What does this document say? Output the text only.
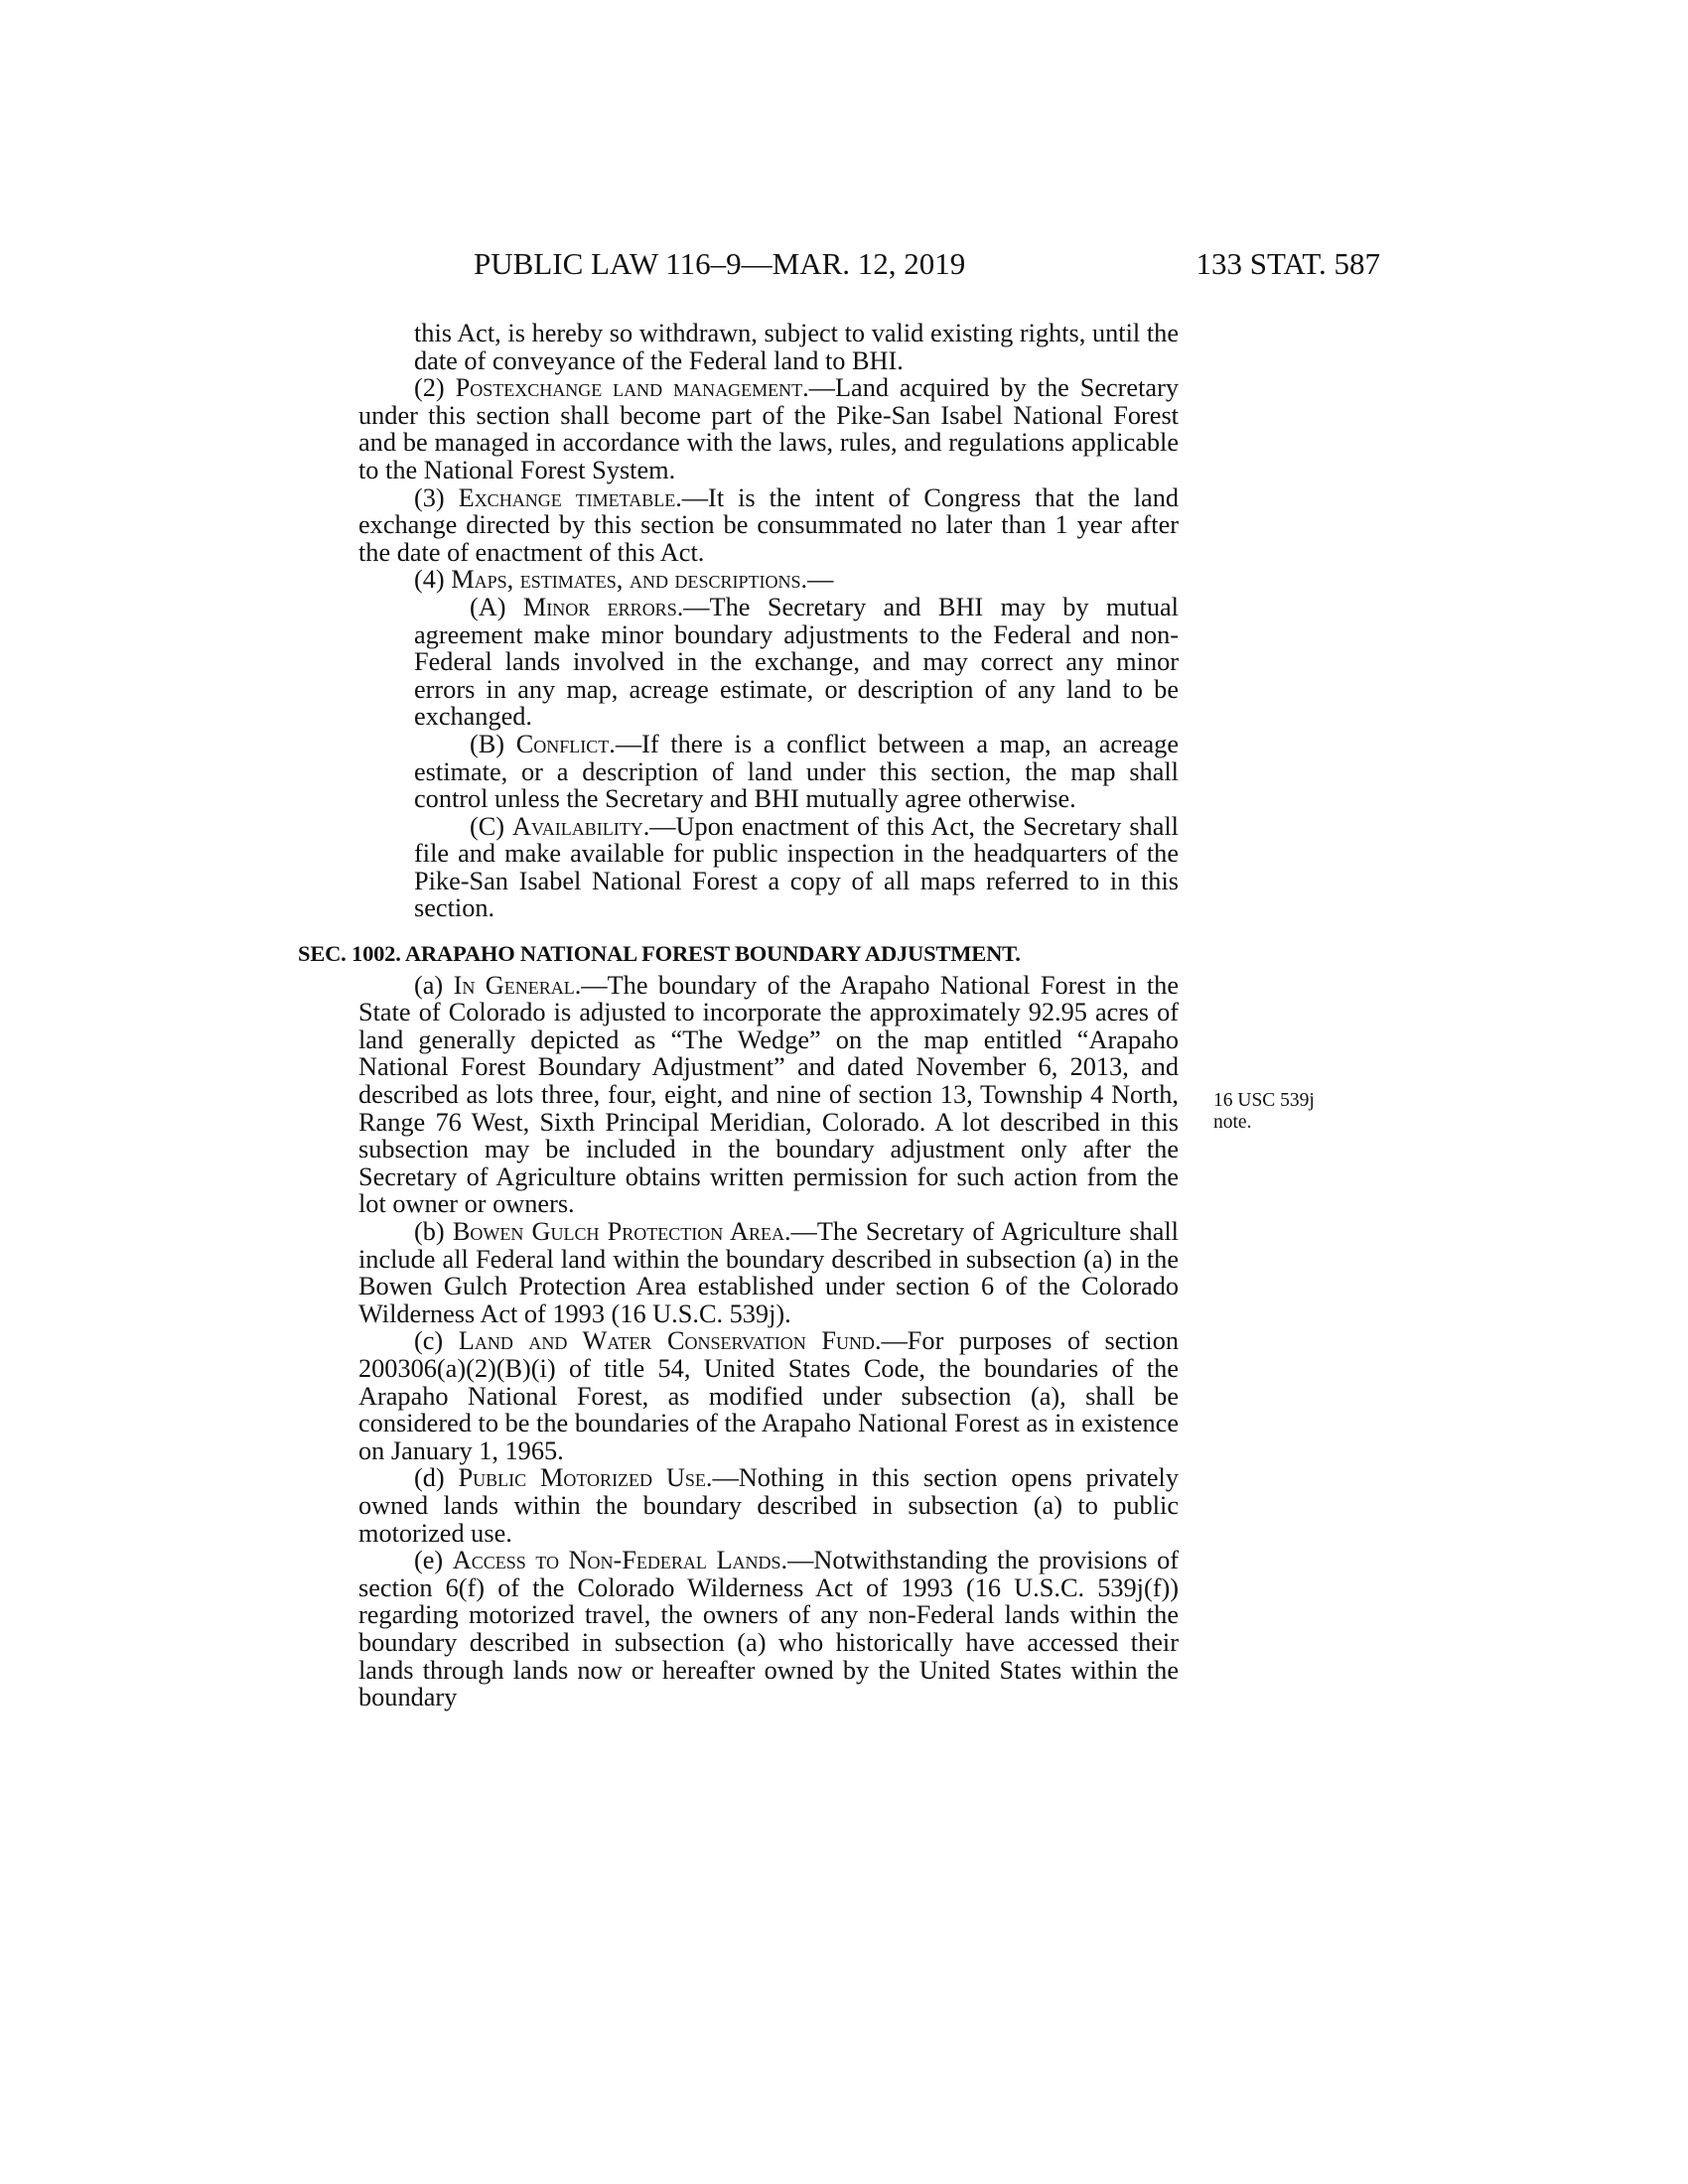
PUBLIC LAW 116–9—MAR. 12, 2019	133 STAT. 587
16 USC 539j
note.

this Act, is hereby so withdrawn, subject to valid existing rights, until the date of conveyance of the Federal land to BHI.

(2) Postexchange land management.—Land acquired by the Secretary under this section shall become part of the Pike-San Isabel National Forest and be managed in accordance with the laws, rules, and regulations applicable to the National Forest System.

(3) Exchange timetable.—It is the intent of Congress that the land exchange directed by this section be consummated no later than 1 year after the date of enactment of this Act.

(4) Maps, estimates, and descriptions.—

(A) Minor errors.—The Secretary and BHI may by mutual agreement make minor boundary adjustments to the Federal and non-Federal lands involved in the exchange, and may correct any minor errors in any map, acreage estimate, or description of any land to be exchanged.

(B) Conflict.—If there is a conflict between a map, an acreage estimate, or a description of land under this section, the map shall control unless the Secretary and BHI mutually agree otherwise.

(C) Availability.—Upon enactment of this Act, the Secretary shall file and make available for public inspection in the headquarters of the Pike-San Isabel National Forest a copy of all maps referred to in this section.

SEC. 1002. ARAPAHO NATIONAL FOREST BOUNDARY ADJUSTMENT.

(a) In General.—The boundary of the Arapaho National Forest in the State of Colorado is adjusted to incorporate the approximately 92.95 acres of land generally depicted as “The Wedge” on the map entitled “Arapaho National Forest Boundary Adjustment” and dated November 6, 2013, and described as lots three, four, eight, and nine of section 13, Township 4 North, Range 76 West, Sixth Principal Meridian, Colorado. A lot described in this subsection may be included in the boundary adjustment only after the Secretary of Agriculture obtains written permission for such action from the lot owner or owners.

(b) Bowen Gulch Protection Area.—The Secretary of Agriculture shall include all Federal land within the boundary described in subsection (a) in the Bowen Gulch Protection Area established under section 6 of the Colorado Wilderness Act of 1993 (16 U.S.C. 539j).

(c) Land and Water Conservation Fund.—For purposes of section 200306(a)(2)(B)(i) of title 54, United States Code, the boundaries of the Arapaho National Forest, as modified under subsection (a), shall be considered to be the boundaries of the Arapaho National Forest as in existence on January 1, 1965.

(d) Public Motorized Use.—Nothing in this section opens privately owned lands within the boundary described in subsection (a) to public motorized use.

(e) Access to Non-Federal Lands.—Notwithstanding the provisions of section 6(f) of the Colorado Wilderness Act of 1993 (16 U.S.C. 539j(f)) regarding motorized travel, the owners of any non-Federal lands within the boundary described in subsection (a) who historically have accessed their lands through lands now or hereafter owned by the United States within the boundary
